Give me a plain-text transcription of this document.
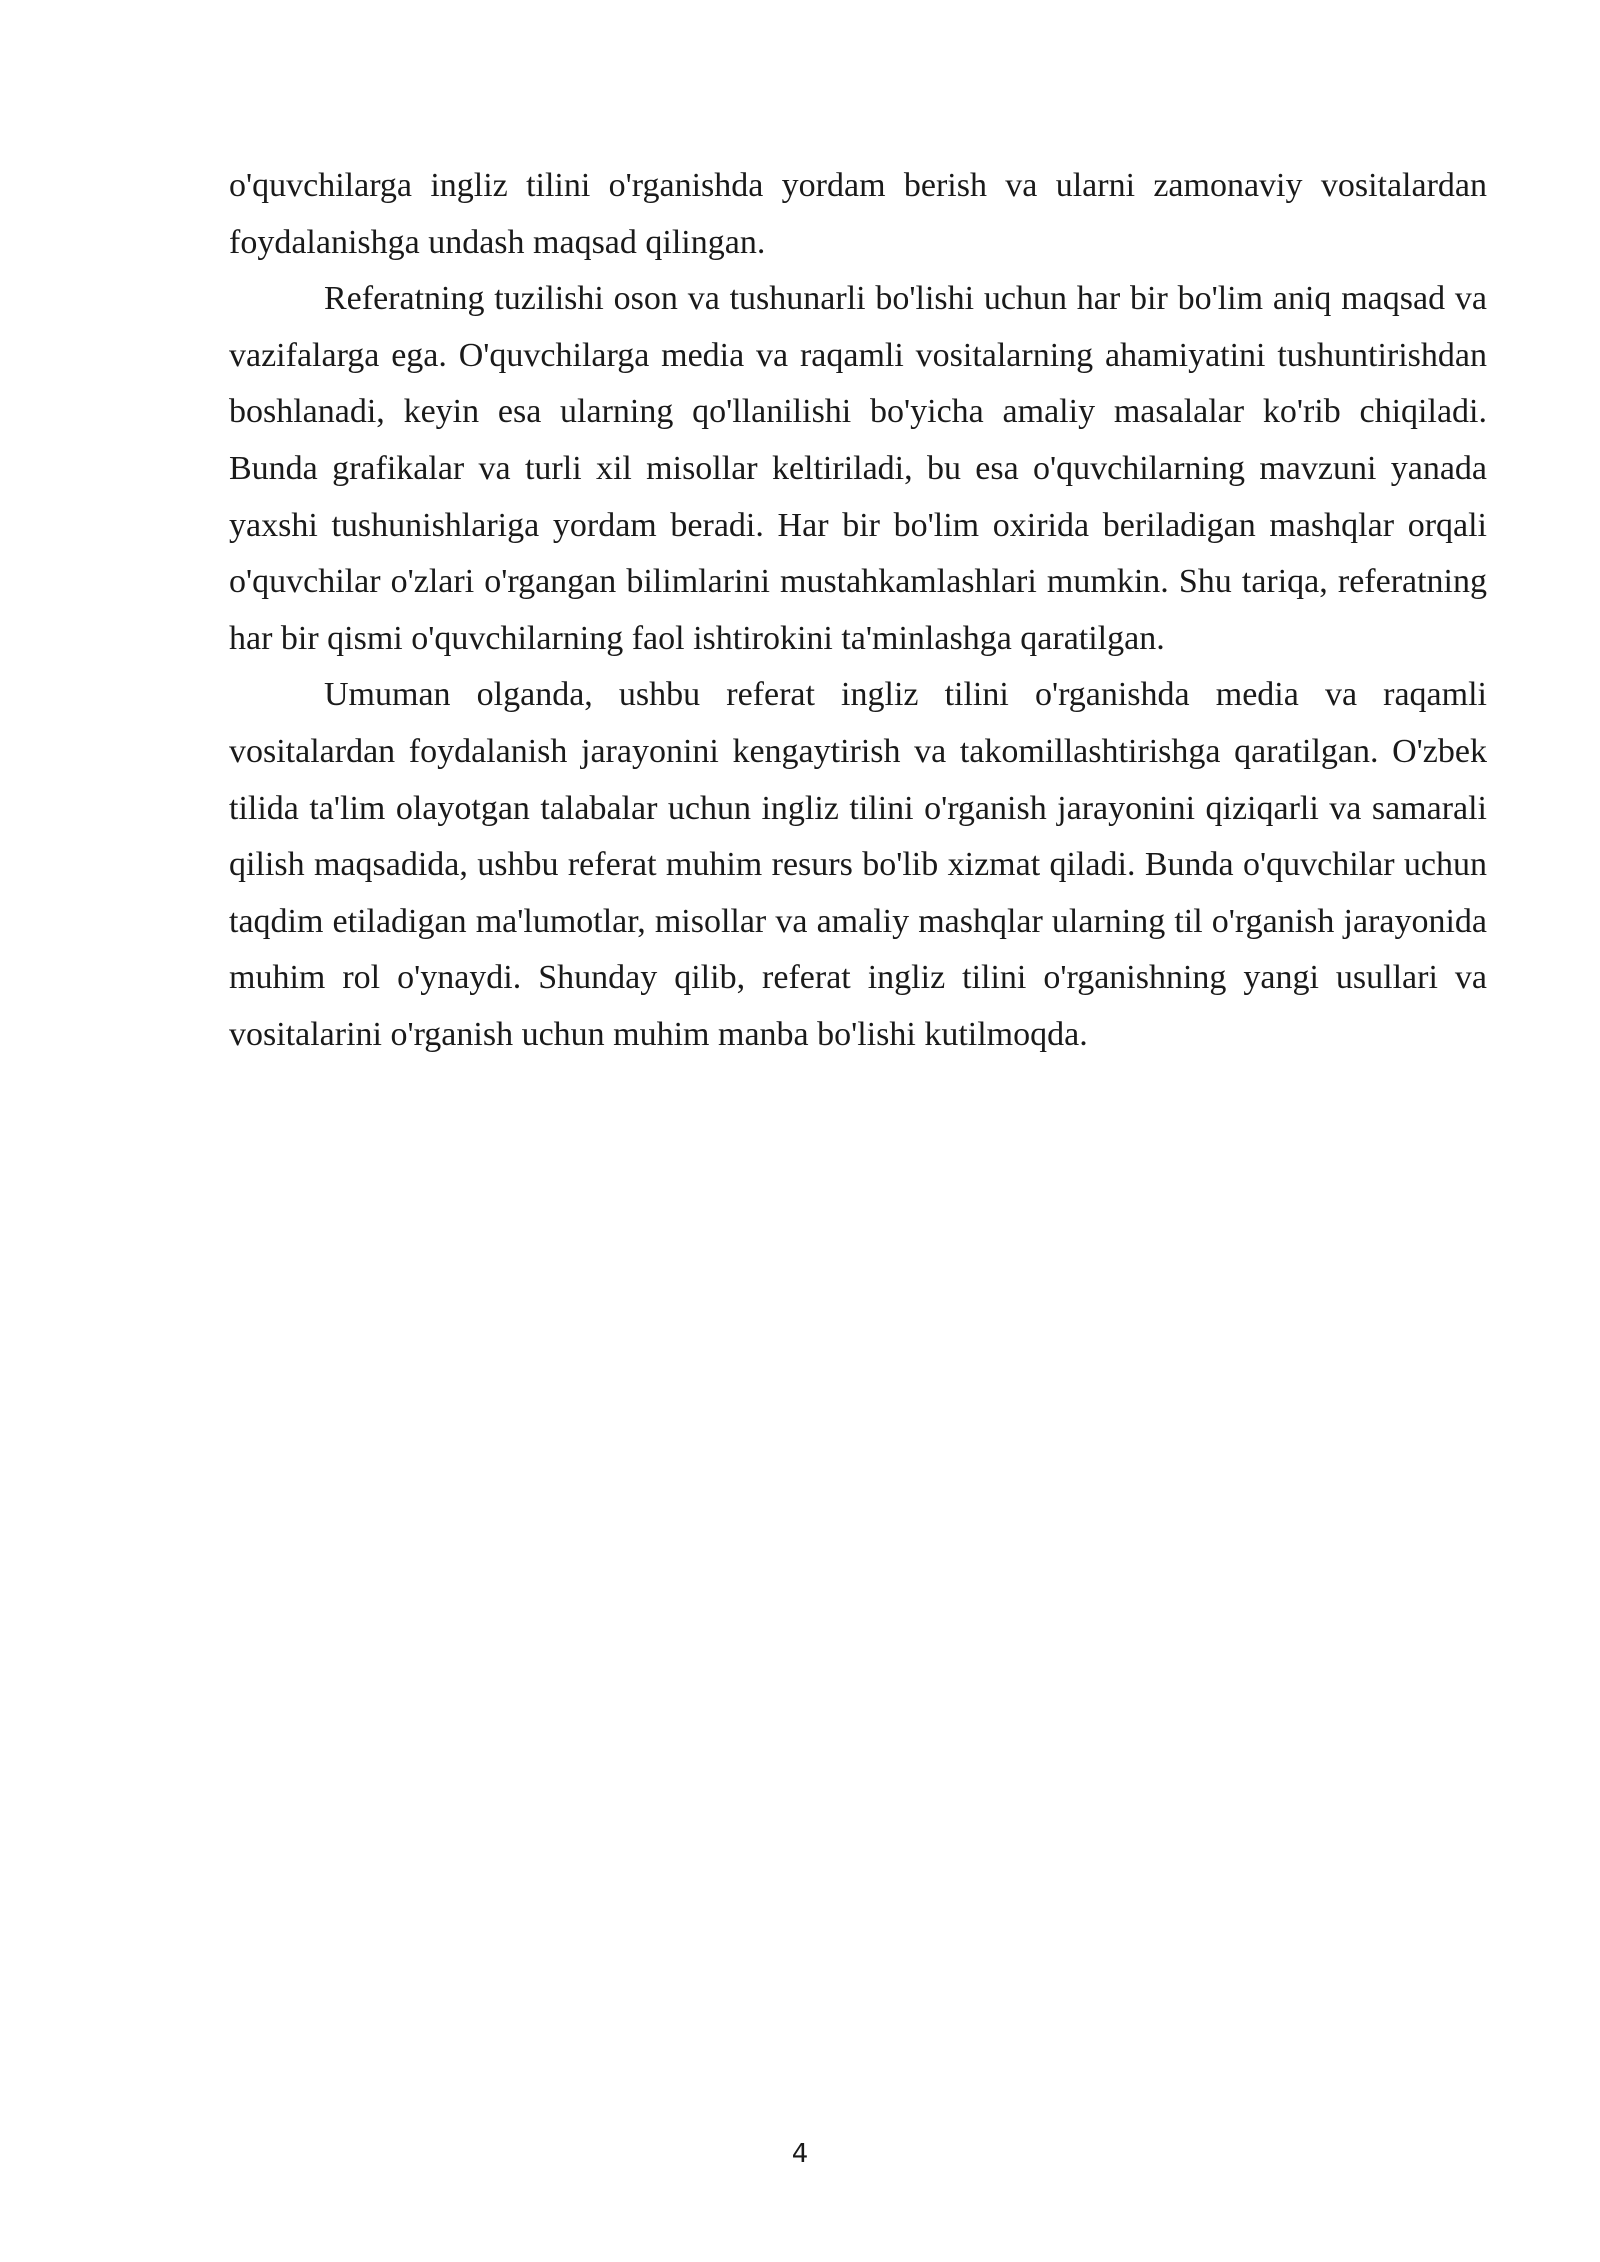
o'quvchilarga ingliz tilini o'rganishda yordam berish va ularni zamonaviy vositalardan foydalanishga undash maqsad qilingan.

Referatning tuzilishi oson va tushunarli bo'lishi uchun har bir bo'lim aniq maqsad va vazifalarga ega. O'quvchilarga media va raqamli vositalarning ahamiyatini tushuntirishdan boshlanadi, keyin esa ularning qo'llanilishi bo'yicha amaliy masalalar ko'rib chiqiladi. Bunda grafikalar va turli xil misollar keltiriladi, bu esa o'quvchilarning mavzuni yanada yaxshi tushunishlariga yordam beradi. Har bir bo'lim oxirida beriladigan mashqlar orqali o'quvchilar o'zlari o'rgangan bilimlarini mustahkamlashlari mumkin. Shu tariqa, referatning har bir qismi o'quvchilarning faol ishtirokini ta'minlashga qaratilgan.

Umuman olganda, ushbu referat ingliz tilini o'rganishda media va raqamli vositalardan foydalanish jarayonini kengaytirish va takomillashtirishga qaratilgan. O'zbek tilida ta'lim olayotgan talabalar uchun ingliz tilini o'rganish jarayonini qiziqarli va samarali qilish maqsadida, ushbu referat muhim resurs bo'lib xizmat qiladi. Bunda o'quvchilar uchun taqdim etiladigan ma'lumotlar, misollar va amaliy mashqlar ularning til o'rganish jarayonida muhim rol o'ynaydi. Shunday qilib, referat ingliz tilini o'rganishning yangi usullari va vositalarini o'rganish uchun muhim manba bo'lishi kutilmoqda.

4
